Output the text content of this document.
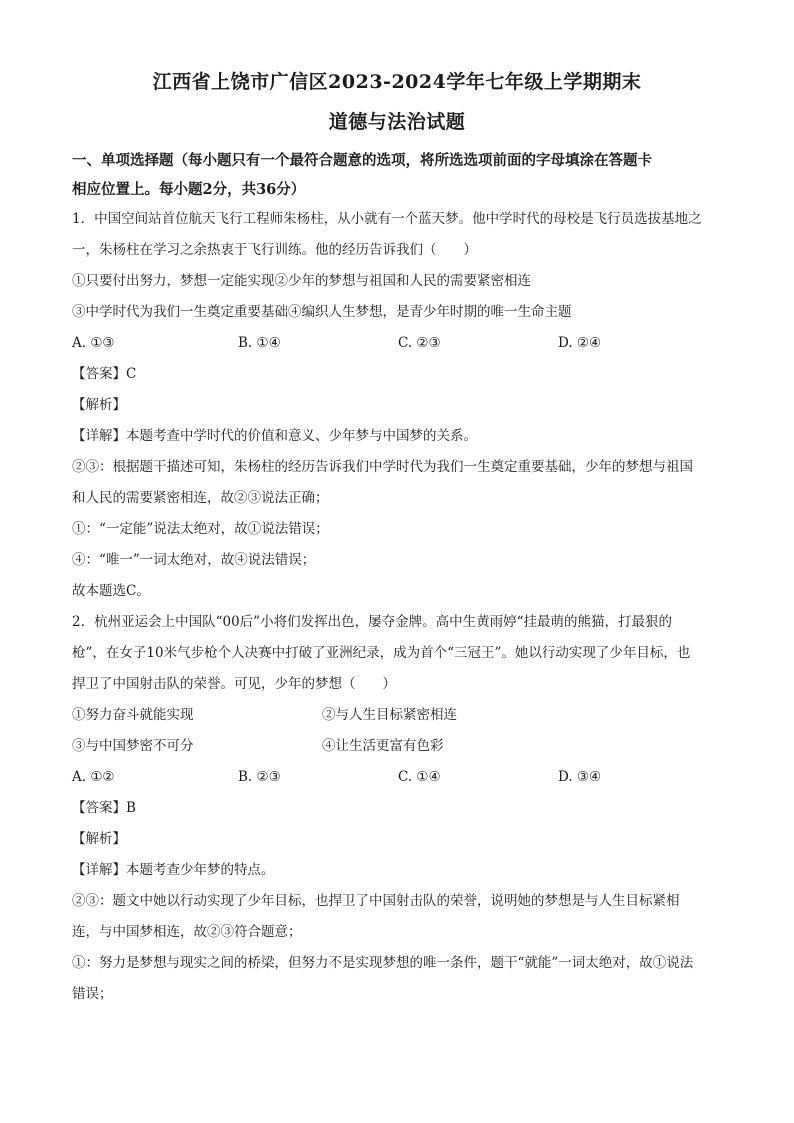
江西省上饶市广信区2023-2024学年七年级上学期期末
道德与法治试题
一、单项选择题（每小题只有一个最符合题意的选项，将所选选项前面的字母填涂在答题卡
相应位置上。每小题2分，共36分）
1．中国空间站首位航天飞行工程师朱杨柱，从小就有一个蓝天梦。他中学时代的母校是飞行员选拔基地之
一，朱杨柱在学习之余热衷于飞行训练。他的经历告诉我们（　　）
①只要付出努力，梦想一定能实现②少年的梦想与祖国和人民的需要紧密相连
③中学时代为我们一生奠定重要基础④编织人生梦想，是青少年时期的唯一生命主题
A. ①③	B. ①④	C. ②③	D. ②④
【答案】C
【解析】
【详解】本题考查中学时代的价值和意义、少年梦与中国梦的关系。
②③：根据题干描述可知，朱杨柱的经历告诉我们中学时代为我们一生奠定重要基础，少年的梦想与祖国
和人民的需要紧密相连，故②③说法正确；
①：“一定能”说法太绝对，故①说法错误；
④：“唯一”一词太绝对，故④说法错误；
故本题选C。
2．杭州亚运会上中国队“00后”小将们发挥出色，屡夺金牌。高中生黄雨婷“挂最萌的熊猫，打最狠的
枪”，在女子10米气步枪个人决赛中打破了亚洲纪录，成为首个“三冠王”。她以行动实现了少年目标，也
捍卫了中国射击队的荣誉。可见，少年的梦想（　　）
①努力奋斗就能实现	②与人生目标紧密相连
③与中国梦密不可分	④让生活更富有色彩
A. ①②	B. ②③	C. ①④	D. ③④
【答案】B
【解析】
【详解】本题考查少年梦的特点。
②③：题文中她以行动实现了少年目标，也捍卫了中国射击队的荣誉，说明她的梦想是与人生目标紧相
连，与中国梦相连，故②③符合题意；
①：努力是梦想与现实之间的桥梁，但努力不是实现梦想的唯一条件，题干“就能”一词太绝对，故①说法
错误；
